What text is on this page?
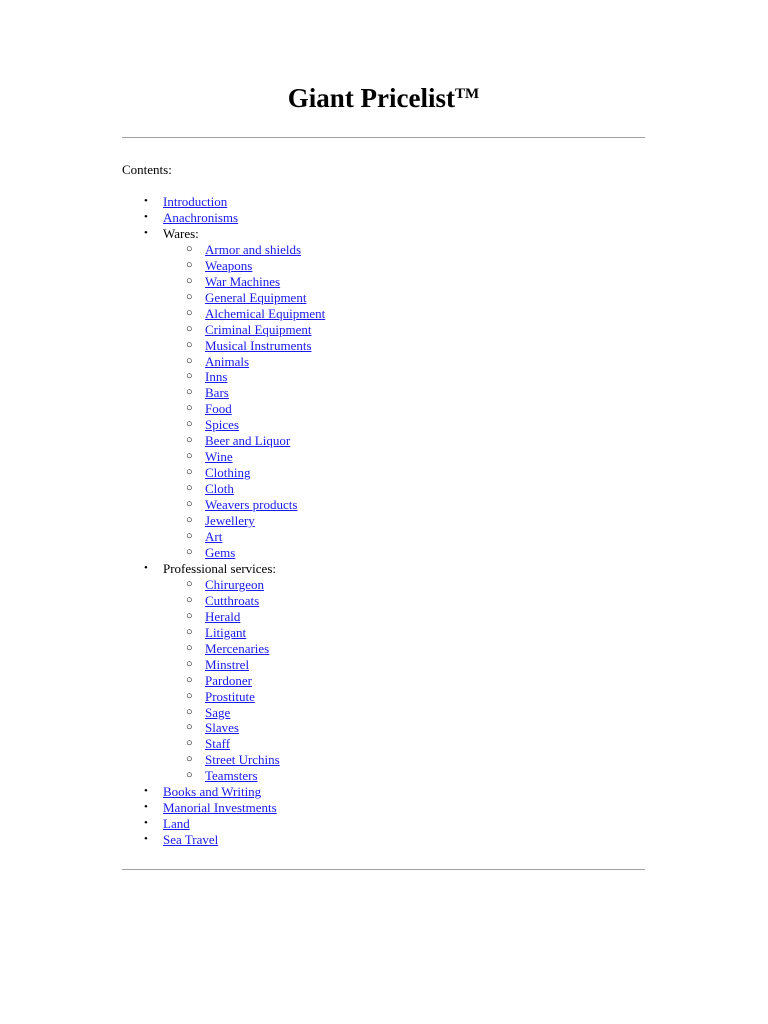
Giant Pricelist™

Contents:

• Introduction
• Anachronisms
• Wares:
○ Armor and shields
○ Weapons
○ War Machines
○ General Equipment
○ Alchemical Equipment
○ Criminal Equipment
○ Musical Instruments
○ Animals
○ Inns
○ Bars
○ Food
○ Spices
○ Beer and Liquor
○ Wine
○ Clothing
○ Cloth
○ Weavers products
○ Jewellery
○ Art
○ Gems
• Professional services:
○ Chirurgeon
○ Cutthroats
○ Herald
○ Litigant
○ Mercenaries
○ Minstrel
○ Pardoner
○ Prostitute
○ Sage
○ Slaves
○ Staff
○ Street Urchins
○ Teamsters
• Books and Writing
• Manorial Investments
• Land
• Sea Travel
